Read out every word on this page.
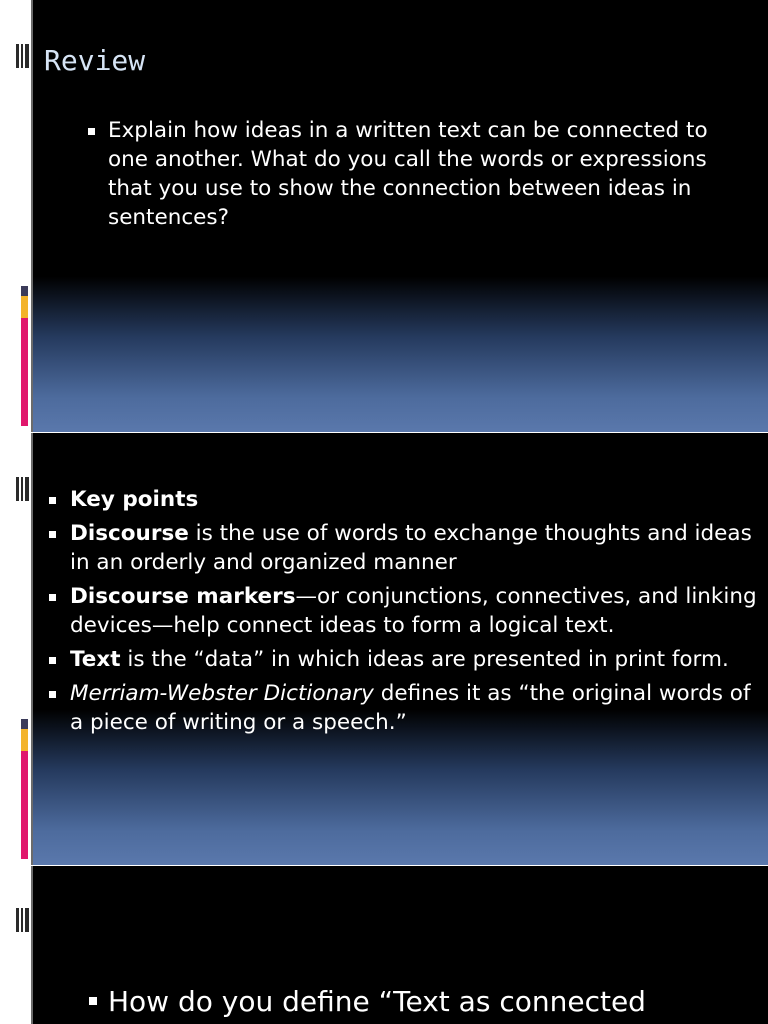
Review
Explain how ideas in a written text can be connected to one another. What do you call the words or expressions that you use to show the connection between ideas in sentences?
Key points
Discourse is the use of words to exchange thoughts and ideas in an orderly and organized manner
Discourse markers—or conjunctions, connectives, and linking devices—help connect ideas to form a logical text.
Text is the “data” in which ideas are presented in print form.
Merriam-Webster Dictionary defines it as “the original words of a piece of writing or a speech.”
How do you define “Text as connected
